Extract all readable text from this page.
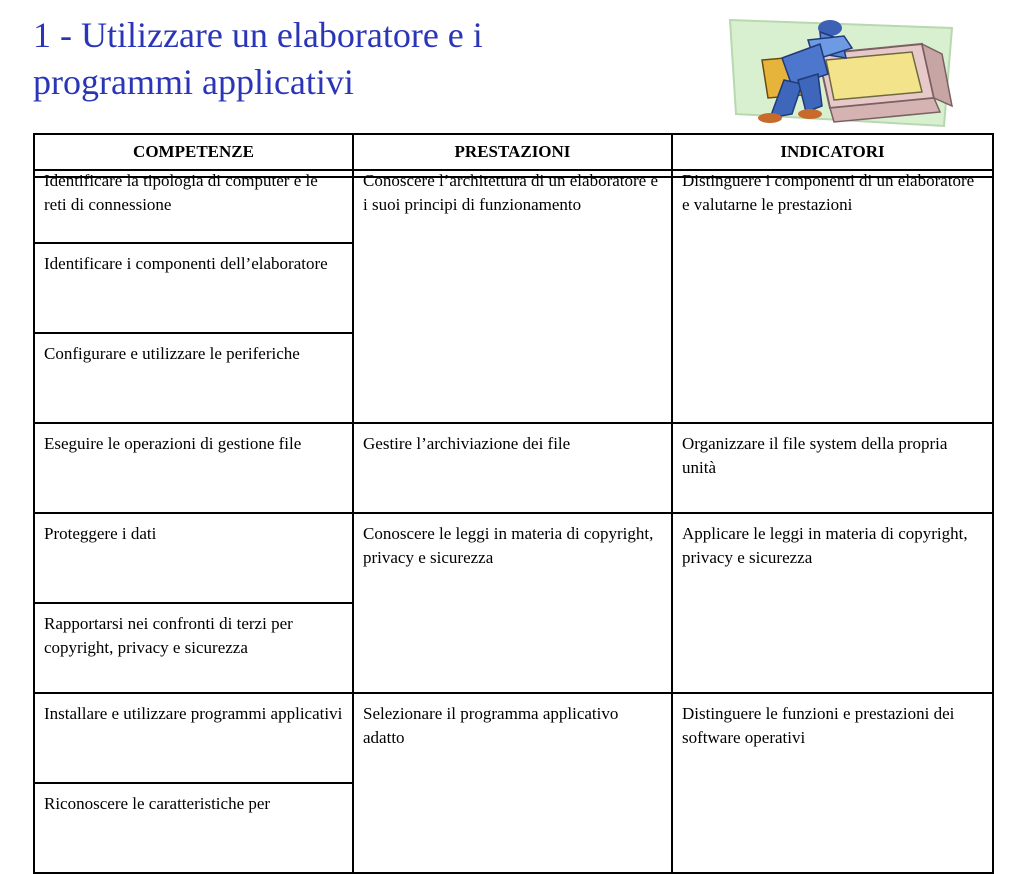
1 - Utilizzare un elaboratore e i
programmi applicativi
COMPETENZE	PRESTAZIONI	INDICATORI

Identificare la tipologia di computer e le reti di connessione	Conoscere l’architettura di un elaboratore e i suoi principi di funzionamento	Distinguere i componenti di un elaboratore e valutarne le prestazioni

Identificare i componenti dell’elaboratore		

Configurare e utilizzare le periferiche		

Eseguire le operazioni di gestione file	Gestire l’archiviazione dei file	Organizzare il file system della propria unità

Proteggere i dati	Conoscere le leggi in materia di copyright, privacy e sicurezza	Applicare le leggi in materia di copyright, privacy e sicurezza

Rapportarsi nei confronti di terzi per copyright, privacy e sicurezza		

Installare e utilizzare programmi applicativi	Selezionare il programma applicativo adatto	Distinguere le funzioni e prestazioni dei software operativi

Riconoscere le caratteristiche per		
